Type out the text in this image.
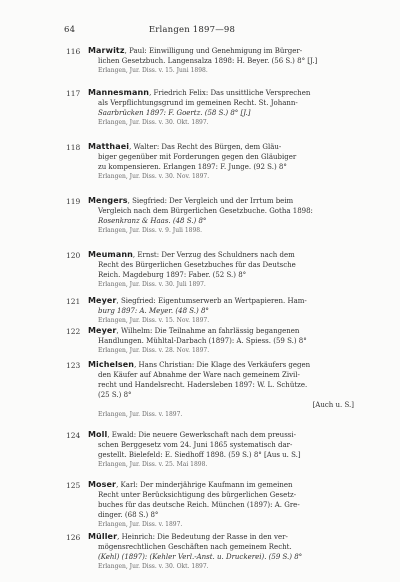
64	Erlangen 1897—98
116 Marwitz, Paul: Einwilligung und Genehmigung im Bürger-
lichen Gesetzbuch. Langensalza 1898: H. Beyer. (56 S.) 8° [J.]
Erlangen, Jur. Diss. v. 15. Juni 1898.
117 Mannesmann, Friedrich Felix: Das unsittliche Versprechen
als Verpflichtungsgrund im gemeinen Recht. St. Johann-
Saarbrücken 1897: F. Goertz. (58 S.) 8° [J.]
Erlangen, Jur. Diss. v. 30. Okt. 1897.
118 Matthaei, Walter: Das Recht des Bürgen, dem Gläu-
biger gegenüber mit Forderungen gegen den Gläubiger
zu kompensieren. Erlangen 1897: F. Junge. (92 S.) 8°
Erlangen, Jur. Diss. v. 30. Nov. 1897.
119 Mengers, Siegfried: Der Vergleich und der Irrtum beim
Vergleich nach dem Bürgerlichen Gesetzbuche. Gotha 1898:
Rosenkranz & Haas. (48 S.) 8°
Erlangen, Jur. Diss. v. 9. Juli 1898.
120 Meumann, Ernst: Der Verzug des Schuldners nach dem
Recht des Bürgerlichen Gesetzbuches für das Deutsche
Reich. Magdeburg 1897: Faber. (52 S.) 8°
Erlangen, Jur. Diss. v. 30. Juli 1897.
121 Meyer, Siegfried: Eigentumserwerb an Wertpapieren. Ham-
burg 1897: A. Meyer. (48 S.) 8°
Erlangen, Jur. Diss. v. 15. Nov. 1897.
122 Meyer, Wilhelm: Die Teilnahme an fahrlässig begangenen
Handlungen. Mühltal-Darbach (1897): A. Spiess. (59 S.) 8°
Erlangen, Jur. Diss. v. 28. Nov. 1897.
123 Michelsen, Hans Christian: Die Klage des Verkäufers gegen
den Käufer auf Abnahme der Ware nach gemeinem Zivil-
recht und Handelsrecht. Hadersleben 1897: W. L. Schütze.
(25 S.) 8°
[Auch u. S.]
Erlangen, Jur. Diss. v. 1897.
124 Moll, Ewald: Die neuere Gewerkschaft nach dem preussi-
schen Berggesetz vom 24. Juni 1865 systematisch dar-
gestellt. Bielefeld: E. Siedhoff 1898. (59 S.) 8° [Aus u. S.]
Erlangen, Jur. Diss. v. 25. Mai 1898.
125 Moser, Karl: Der minderjährige Kaufmann im gemeinen
Recht unter Berücksichtigung des bürgerlichen Gesetz-
buches für das deutsche Reich. München (1897): A. Gre-
dinger. (68 S.) 8°
Erlangen, Jur. Diss. v. 1897.
126 Müller, Heinrich: Die Bedeutung der Rasse in den ver-
mögensrechtlichen Geschäften nach gemeinem Recht.
(Kehl) (1897): (Kehler Verl.-Anst. u. Druckerei). (59 S.) 8°
Erlangen, Jur. Diss. v. 30. Okt. 1897.
